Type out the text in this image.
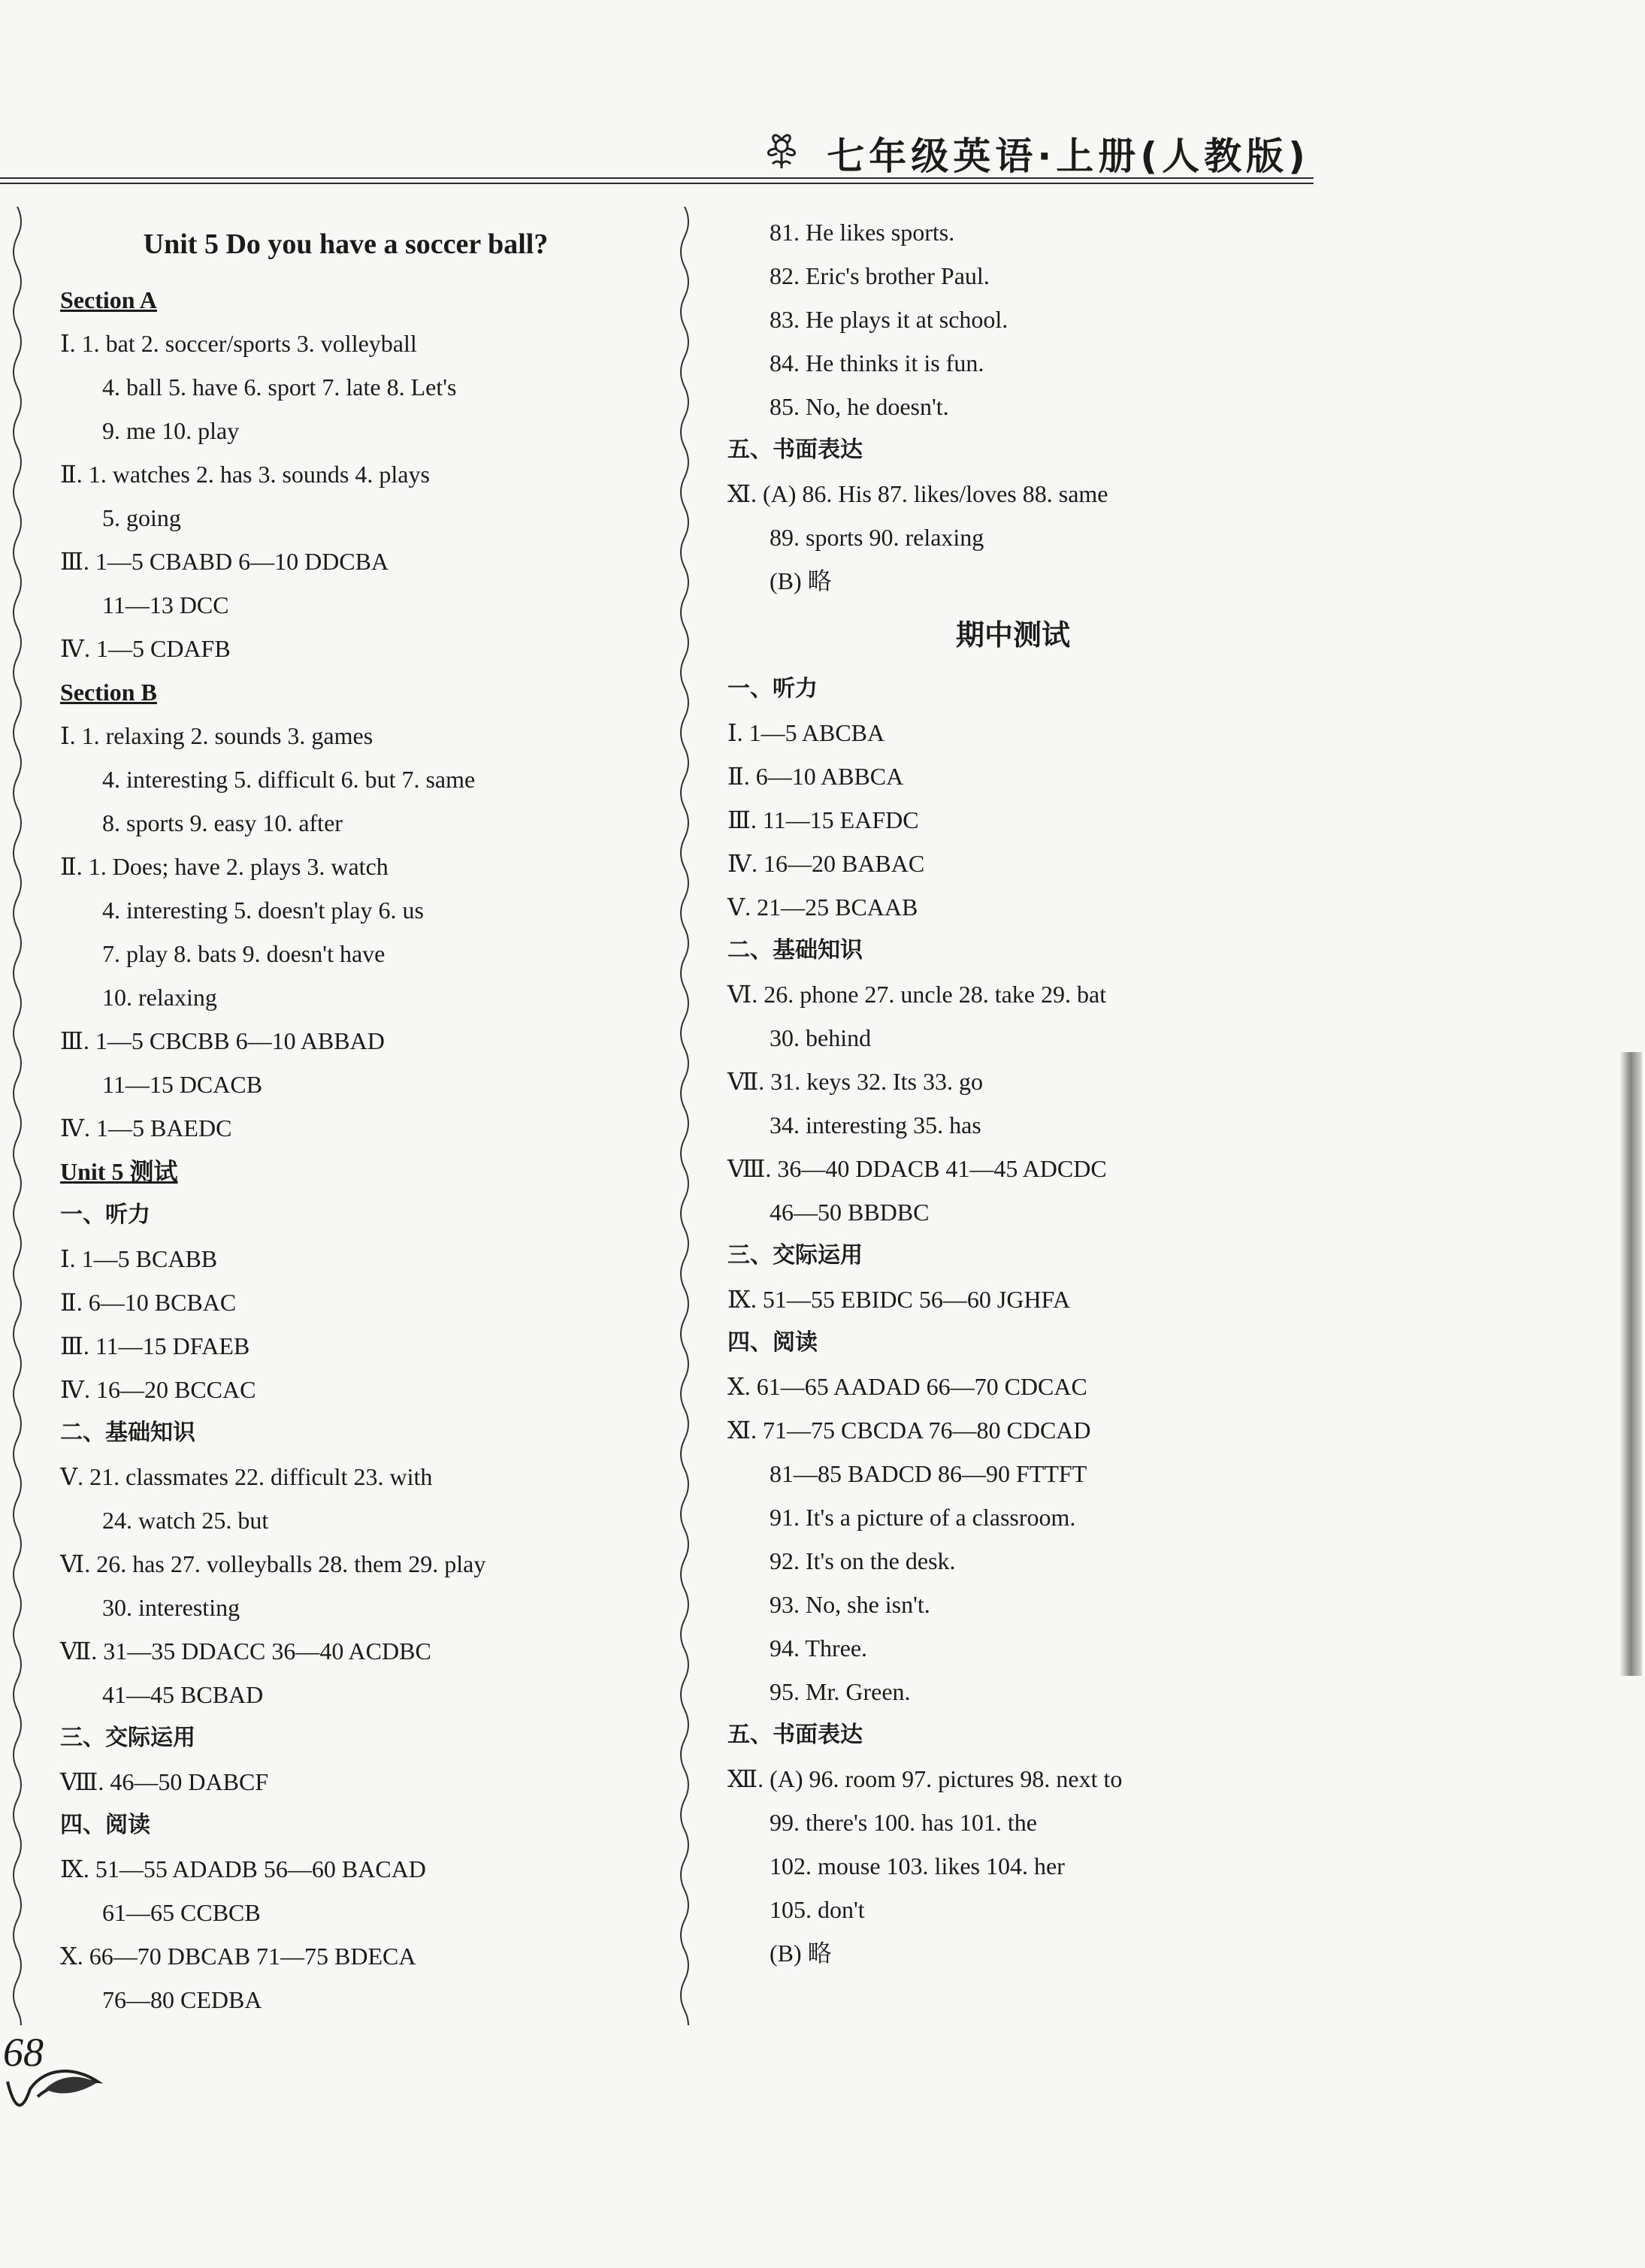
七年级英语·上册(人教版)
Unit 5 Do you have a soccer ball?
Section A
Ⅰ. 1. bat 2. soccer/sports 3. volleyball
4. ball 5. have 6. sport 7. late 8. Let's
9. me 10. play
Ⅱ. 1. watches 2. has 3. sounds 4. plays
5. going
Ⅲ. 1—5 CBABD 6—10 DDCBA
11—13 DCC
Ⅳ. 1—5 CDAFB
Section B
Ⅰ. 1. relaxing 2. sounds 3. games
4. interesting 5. difficult 6. but 7. same
8. sports 9. easy 10. after
Ⅱ. 1. Does; have 2. plays 3. watch
4. interesting 5. doesn't play 6. us
7. play 8. bats 9. doesn't have
10. relaxing
Ⅲ. 1—5 CBCBB 6—10 ABBAD
11—15 DCACB
Ⅳ. 1—5 BAEDC
Unit 5 测试
一、听力
Ⅰ. 1—5 BCABB
Ⅱ. 6—10 BCBAC
Ⅲ. 11—15 DFAEB
Ⅳ. 16—20 BCCAC
二、基础知识
Ⅴ. 21. classmates 22. difficult 23. with
24. watch 25. but
Ⅵ. 26. has 27. volleyballs 28. them 29. play
30. interesting
Ⅶ. 31—35 DDACC 36—40 ACDBC
41—45 BCBAD
三、交际运用
Ⅷ. 46—50 DABCF
四、阅读
Ⅸ. 51—55 ADADB 56—60 BACAD
61—65 CCBCB
Ⅹ. 66—70 DBCAB 71—75 BDECA
76—80 CEDBA
81. He likes sports.
82. Eric's brother Paul.
83. He plays it at school.
84. He thinks it is fun.
85. No, he doesn't.
五、书面表达
Ⅺ. (A) 86. His 87. likes/loves 88. same
89. sports 90. relaxing
(B) 略
期中测试
一、听力
Ⅰ. 1—5 ABCBA
Ⅱ. 6—10 ABBCA
Ⅲ. 11—15 EAFDC
Ⅳ. 16—20 BABAC
Ⅴ. 21—25 BCAAB
二、基础知识
Ⅵ. 26. phone 27. uncle 28. take 29. bat
30. behind
Ⅶ. 31. keys 32. Its 33. go
34. interesting 35. has
Ⅷ. 36—40 DDACB 41—45 ADCDC
46—50 BBDBC
三、交际运用
Ⅸ. 51—55 EBIDC 56—60 JGHFA
四、阅读
Ⅹ. 61—65 AADAD 66—70 CDCAC
Ⅺ. 71—75 CBCDA 76—80 CDCAD
81—85 BADCD 86—90 FTTFT
91. It's a picture of a classroom.
92. It's on the desk.
93. No, she isn't.
94. Three.
95. Mr. Green.
五、书面表达
Ⅻ. (A) 96. room 97. pictures 98. next to
99. there's 100. has 101. the
102. mouse 103. likes 104. her
105. don't
(B) 略
68
